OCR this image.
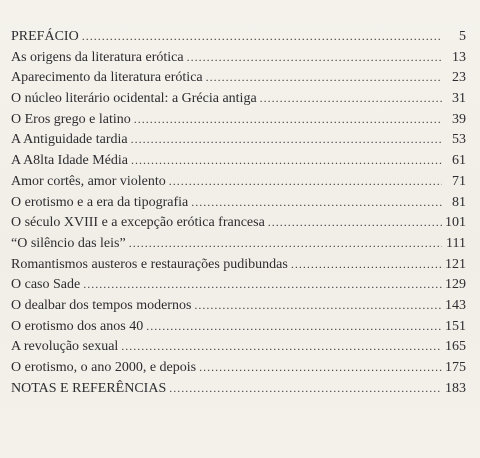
PREFÁCIO .....	5
As origens da literatura erótica .....	13
Aparecimento da literatura erótica .....	23
O núcleo literário ocidental: a Grécia antiga .....	31
O Eros grego e latino .....	39
A Antiguidade tardia .....	53
A A8lta Idade Média .....	61
Amor cortês, amor violento .....	71
O erotismo e a era da tipografia .....	81
O século XVIII e a excepção erótica francesa .....	101
“O silêncio das leis” .....	111
Romantismos austeros e restaurações pudibundas .....	121
O caso Sade .....	129
O dealbar dos tempos modernos .....	143
O erotismo dos anos 40 .....	151
A revolução sexual .....	165
O erotismo, o ano 2000, e depois .....	175
NOTAS E REFERÊNCIAS .....	183
